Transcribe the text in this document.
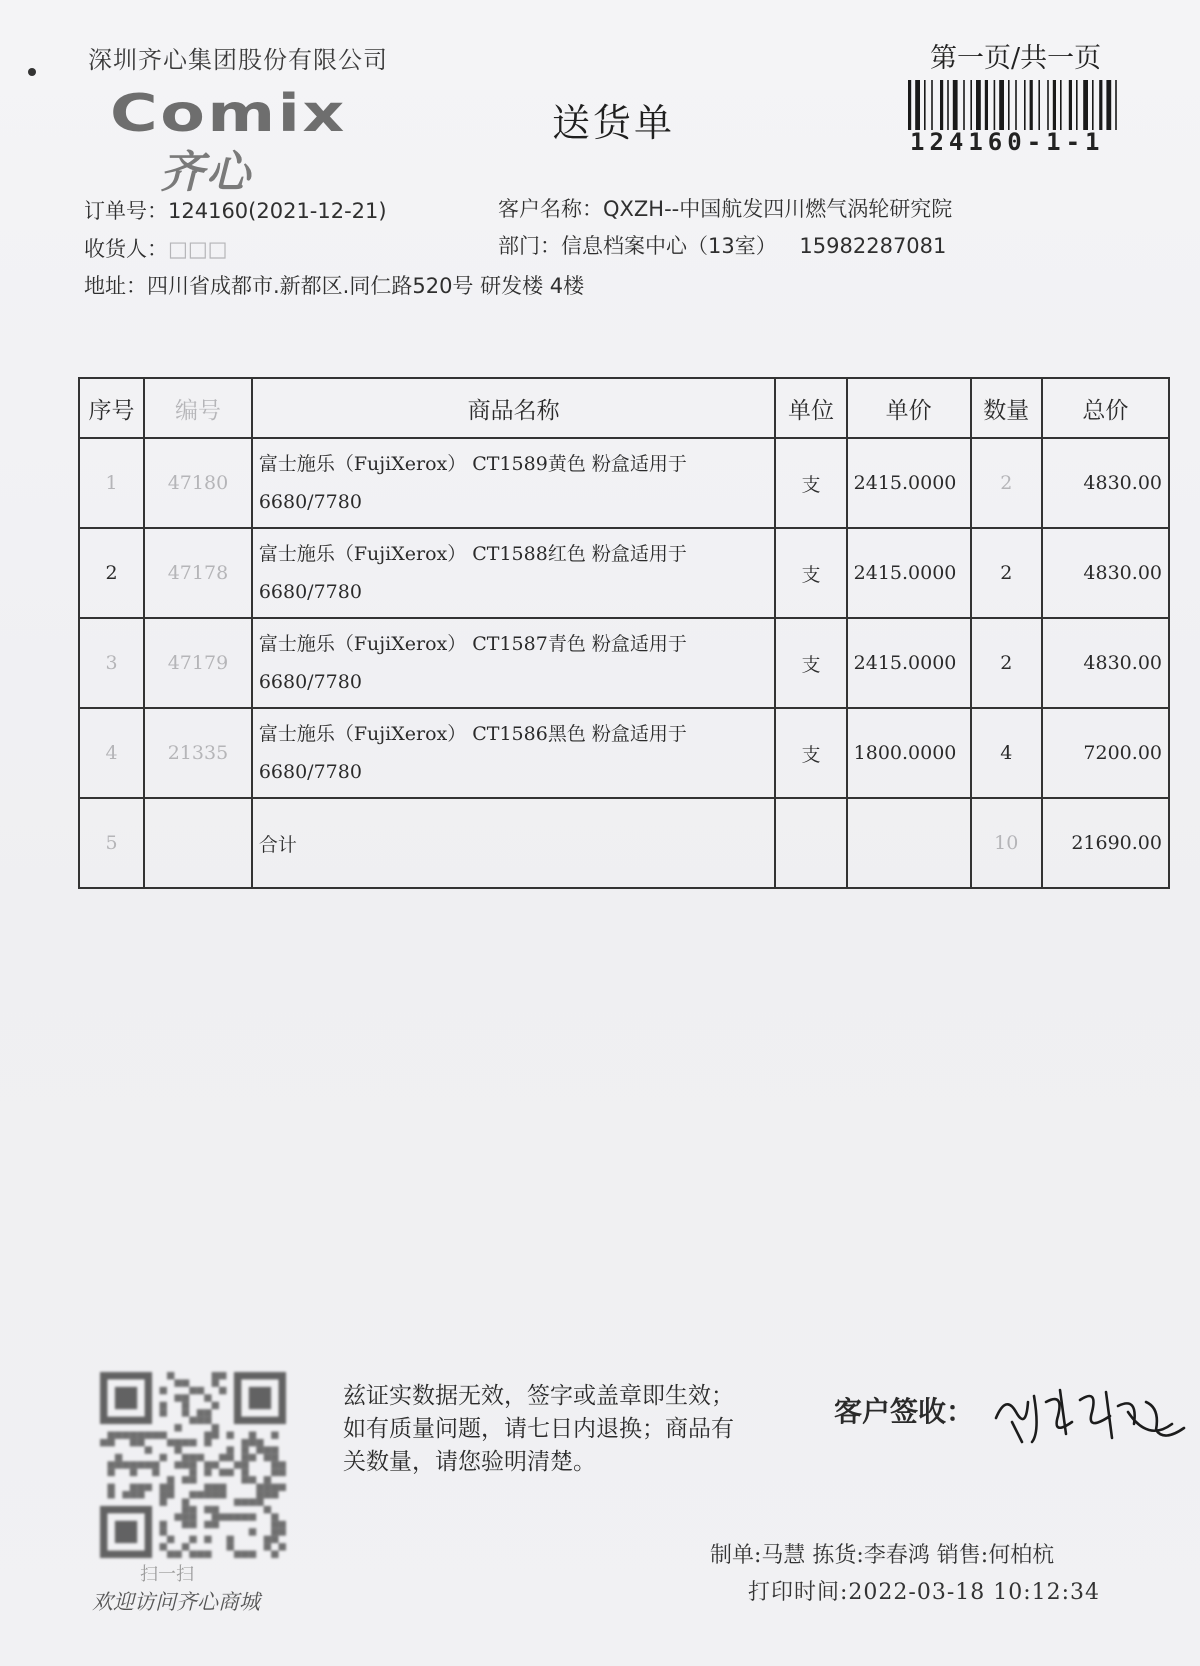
深圳齐心集团股份有限公司	第一页/共一页
Comix
齐心
送货单	124160-1-1
订单号：124160(2021-12-21)	客户名称：QXZH--中国航发四川燃气涡轮研究院
收货人：□□□	部门：信息档案中心（13室） 15982287081
地址：四川省成都市.新都区.同仁路520号 研发楼 4楼
序号	编号	商品名称	单位	单价	数量	总价
1	47180	富士施乐（FujiXerox） CT1589黄色 粉盒适用于
6680/7780	支	2415.0000	2	4830.00
2	47178	富士施乐（FujiXerox） CT1588红色 粉盒适用于
6680/7780	支	2415.0000	2	4830.00
3	47179	富士施乐（FujiXerox） CT1587青色 粉盒适用于
6680/7780	支	2415.0000	2	4830.00
4	21335	富士施乐（FujiXerox） CT1586黑色 粉盒适用于
6680/7780	支	1800.0000	4	7200.00
5		合计			10	21690.00
扫一扫
欢迎访问齐心商城
兹证实数据无效，签字或盖章即生效；如有质量问题，请七日内退换；商品有关数量，请您验明清楚。
客户签收：
制单:马慧 拣货:李春鸿 销售:何柏杭
打印时间:2022-03-18 10:12:34
